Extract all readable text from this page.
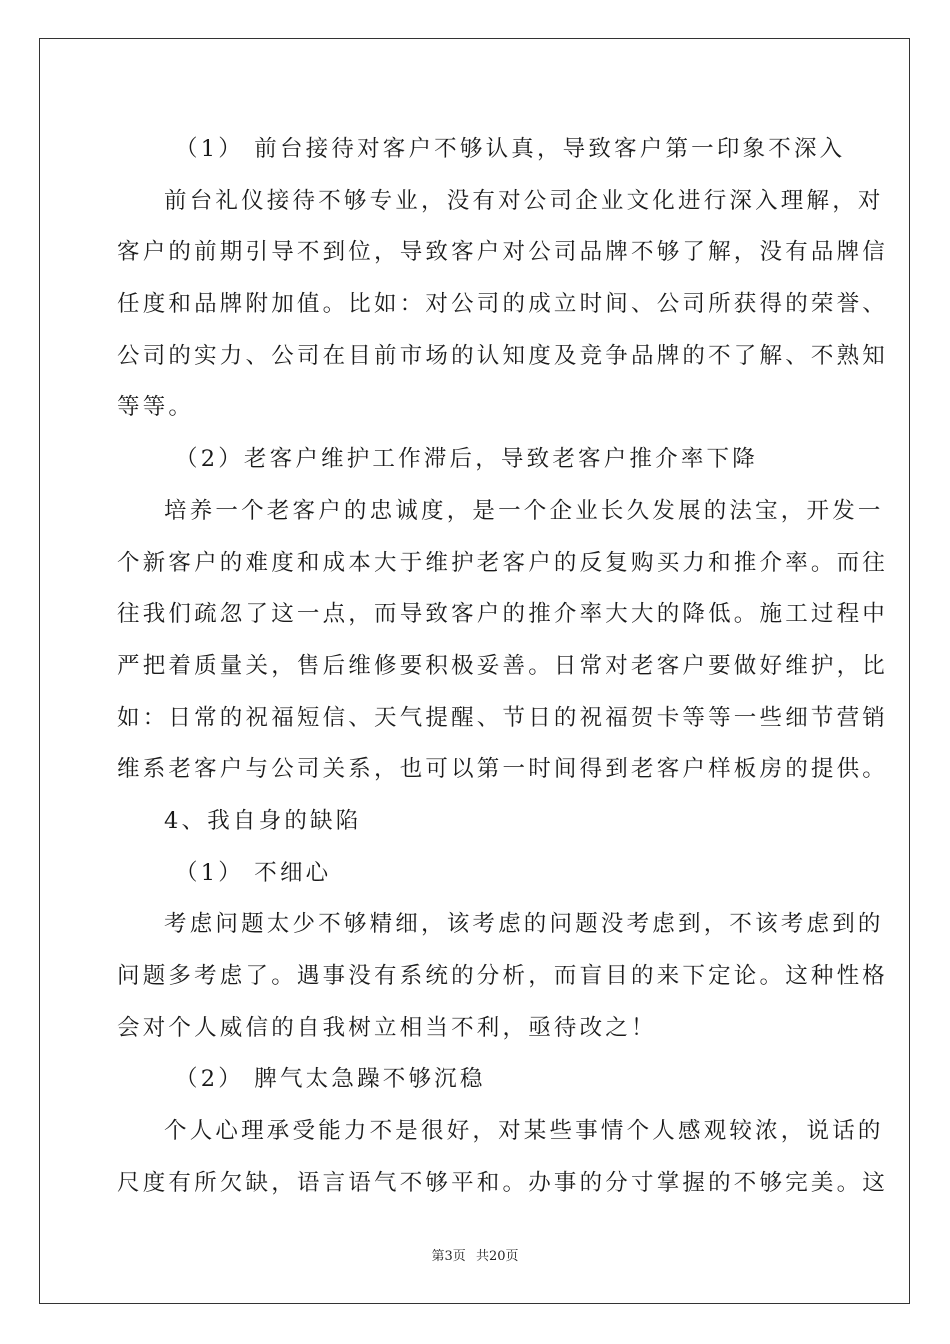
（1） 前台接待对客户不够认真，导致客户第一印象不深入
前台礼仪接待不够专业，没有对公司企业文化进行深入理解，对
客户的前期引导不到位，导致客户对公司品牌不够了解，没有品牌信
任度和品牌附加值。比如：对公司的成立时间、公司所获得的荣誉、
公司的实力、公司在目前市场的认知度及竞争品牌的不了解、不熟知
等等。
（2）老客户维护工作滞后，导致老客户推介率下降
培养一个老客户的忠诚度，是一个企业长久发展的法宝，开发一
个新客户的难度和成本大于维护老客户的反复购买力和推介率。而往
往我们疏忽了这一点，而导致客户的推介率大大的降低。施工过程中
严把着质量关，售后维修要积极妥善。日常对老客户要做好维护，比
如：日常的祝福短信、天气提醒、节日的祝福贺卡等等一些细节营销
维系老客户与公司关系，也可以第一时间得到老客户样板房的提供。
4、我自身的缺陷
（1） 不细心
考虑问题太少不够精细，该考虑的问题没考虑到，不该考虑到的
问题多考虑了。遇事没有系统的分析，而盲目的来下定论。这种性格
会对个人威信的自我树立相当不利，亟待改之！
（2） 脾气太急躁不够沉稳
个人心理承受能力不是很好，对某些事情个人感观较浓，说话的
尺度有所欠缺，语言语气不够平和。办事的分寸掌握的不够完美。这
第3页 共20页
